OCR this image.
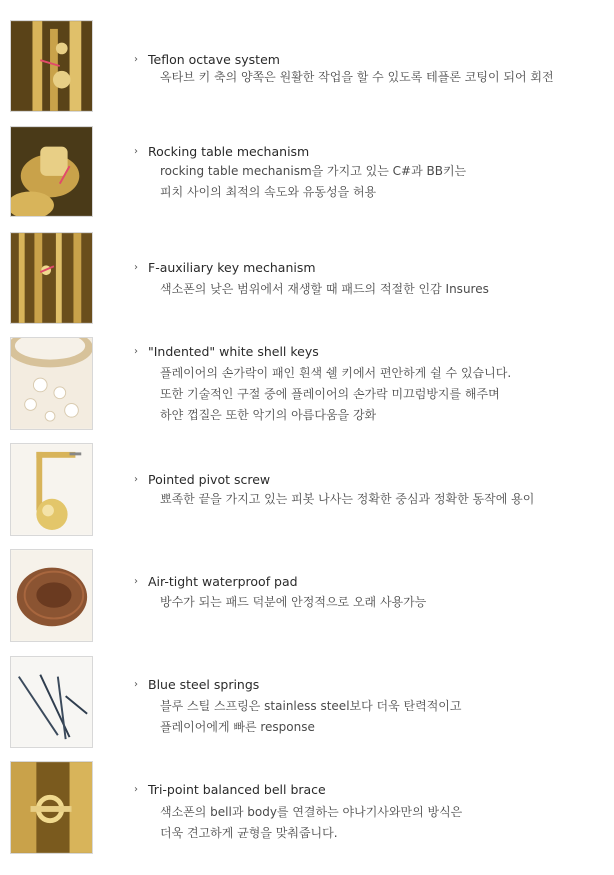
› Teflon octave system
옥타브 키 축의 양쪽은 원활한 작업을 할 수 있도록 테플론 코팅이 되어 회전
› Rocking table mechanism
rocking table mechanism을 가지고 있는 C#과 BB키는
피치 사이의 최적의 속도와 유동성을 허용
› F-auxiliary key mechanism
색소폰의 낮은 범위에서 재생할 때 패드의 적절한 인감 Insures
› "Indented" white shell keys
플레이어의 손가락이 패인 흰색 쉘 키에서 편안하게 쉴 수 있습니다.
또한 기술적인 구절 중에 플레이어의 손가락 미끄럼방지를 해주며
하얀 껍질은 또한 악기의 아름다움을 강화
› Pointed pivot screw
뾰족한 끝을 가지고 있는 피봇 나사는 정확한 중심과 정확한 동작에 용이
› Air-tight waterproof pad
방수가 되는 패드 덕분에 안정적으로 오래 사용가능
› Blue steel springs
블루 스틸 스프링은 stainless steel보다 더욱 탄력적이고
플레이어에게 빠른 response
› Tri-point balanced bell brace
색소폰의 bell과 body를 연결하는 야나기사와만의 방식은
더욱 견고하게 균형을 맞춰줍니다.
